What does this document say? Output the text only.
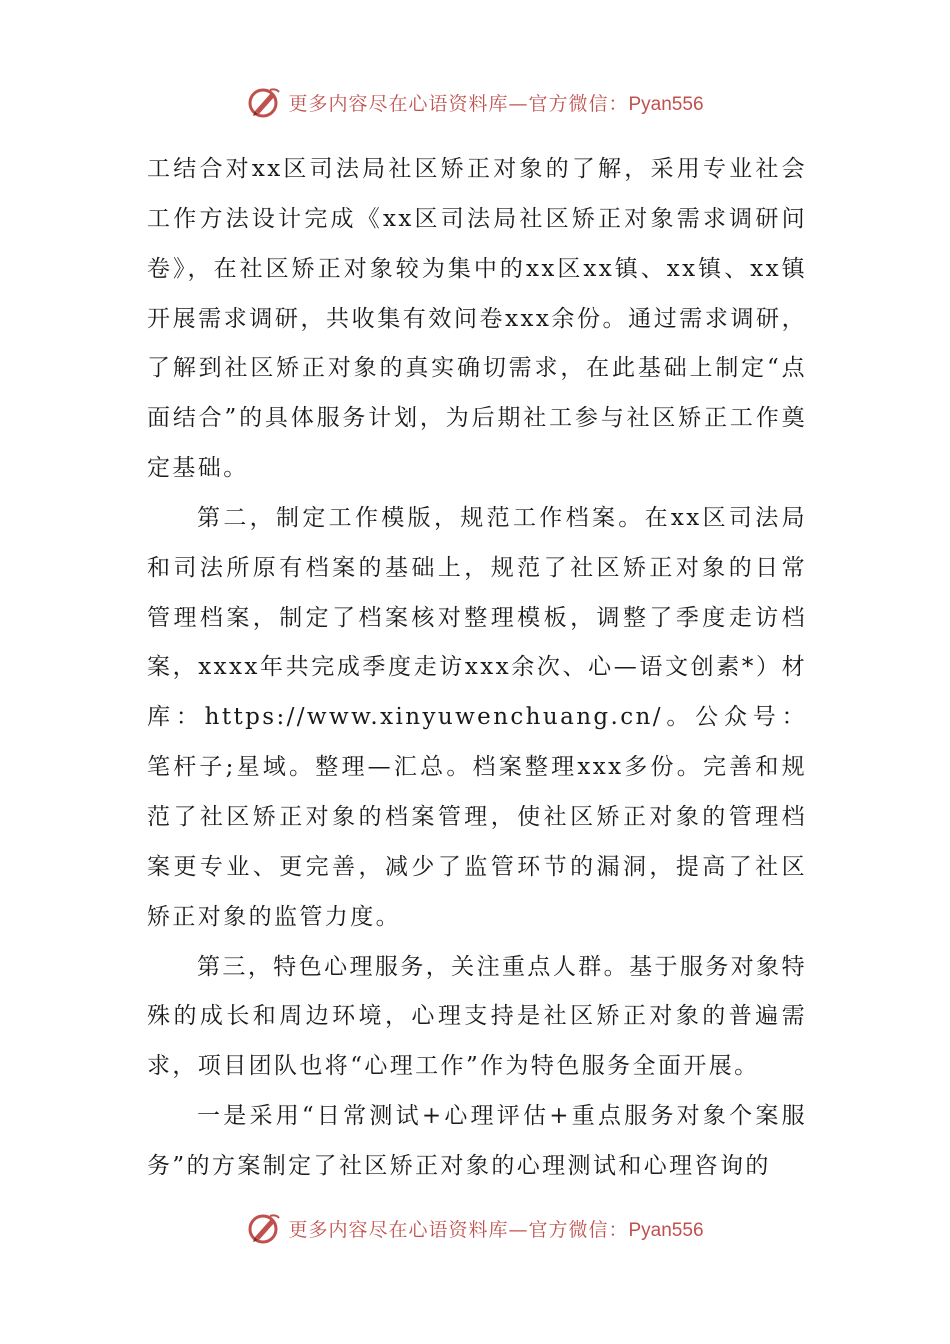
更多内容尽在心语资料库—官方微信：Pyan556

工结合对xx区司法局社区矫正对象的了解，采用专业社会工作方法设计完成《xx区司法局社区矫正对象需求调研问卷》，在社区矫正对象较为集中的xx区xx镇、xx镇、xx镇开展需求调研，共收集有效问卷xxx余份。通过需求调研，了解到社区矫正对象的真实确切需求，在此基础上制定“点面结合”的具体服务计划，为后期社工参与社区矫正工作奠定基础。

第二，制定工作模版，规范工作档案。在xx区司法局和司法所原有档案的基础上，规范了社区矫正对象的日常管理档案，制定了档案核对整理模板，调整了季度走访档案，xxxx年共完成季度走访xxx余次、心—语文创素*）材库：https://www.xinyuwenchuang.cn/。公众号：笔杆子;星域。整理—汇总。档案整理xxx多份。完善和规范了社区矫正对象的档案管理，使社区矫正对象的管理档案更专业、更完善，减少了监管环节的漏洞，提高了社区矫正对象的监管力度。

第三，特色心理服务，关注重点人群。基于服务对象特殊的成长和周边环境，心理支持是社区矫正对象的普遍需求，项目团队也将“心理工作”作为特色服务全面开展。

一是采用“日常测试+心理评估+重点服务对象个案服务”的方案制定了社区矫正对象的心理测试和心理咨询的

更多内容尽在心语资料库—官方微信：Pyan556
